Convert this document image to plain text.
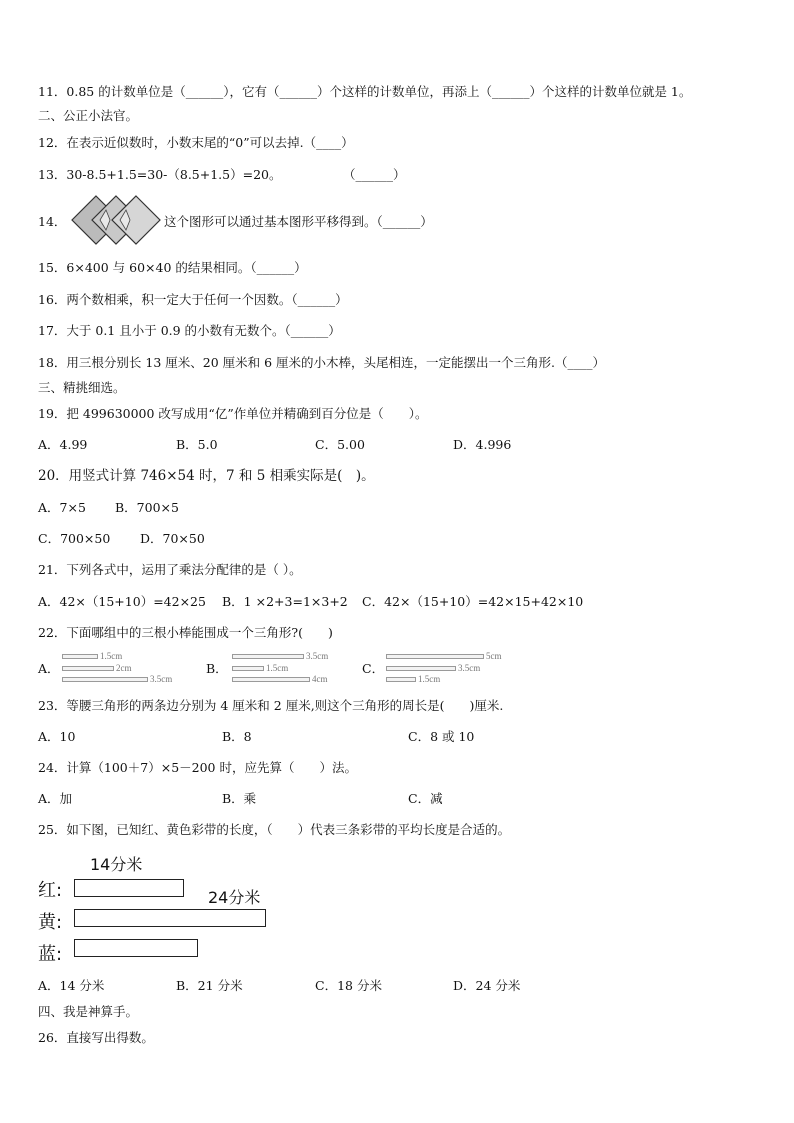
11．0.85 的计数单位是（______），它有（______）个这样的计数单位，再添上（______）个这样的计数单位就是 1。
二、公正小法官。
12．在表示近似数时，小数末尾的“0”可以去掉.（____）
13．30-8.5+1.5=30-（8.5+1.5）=20。	（______）
14．	这个图形可以通过基本图形平移得到。（______）
15．6×400 与 60×40 的结果相同。（______）
16．两个数相乘，积一定大于任何一个因数。（______）
17．大于 0.1 且小于 0.9 的小数有无数个。（______）
18．用三根分别长 13 厘米、20 厘米和 6 厘米的小木棒，头尾相连，一定能摆出一个三角形.（____）
三、精挑细选。
19．把 499630000 改写成用“亿”作单位并精确到百分位是（　　）。
A．4.99	B．5.0	C．5.00	D．4.996
20．用竖式计算 746×54 时，7 和 5 相乘实际是(　)。
A．7×5 B．700×5
C．700×50 D．70×50
21．下列各式中，运用了乘法分配律的是（ ）。
A．42×（15+10）=42×25 B．1 ×2+3=1×3+2 C．42×（15+10）=42×15+42×10
22．下面哪组中的三根小棒能围成一个三角形?(　　)
A．
1.5cm
2cm
3.5cm
B．
3.5cm
1.5cm
4cm
C．
5cm
3.5cm
1.5cm
23．等腰三角形的两条边分别为 4 厘米和 2 厘米,则这个三角形的周长是(　　)厘米.
A．10	B．8	C．8 或 10
24．计算（100＋7）×5－200 时，应先算（　　）法。
A．加	B．乘	C．减
25．如下图，已知红、黄色彩带的长度，（　　）代表三条彩带的平均长度是合适的。
14分米
红:	24分米
黄:
蓝:
A．14 分米	B．21 分米	C．18 分米	D．24 分米
四、我是神算手。
26．直接写出得数。
